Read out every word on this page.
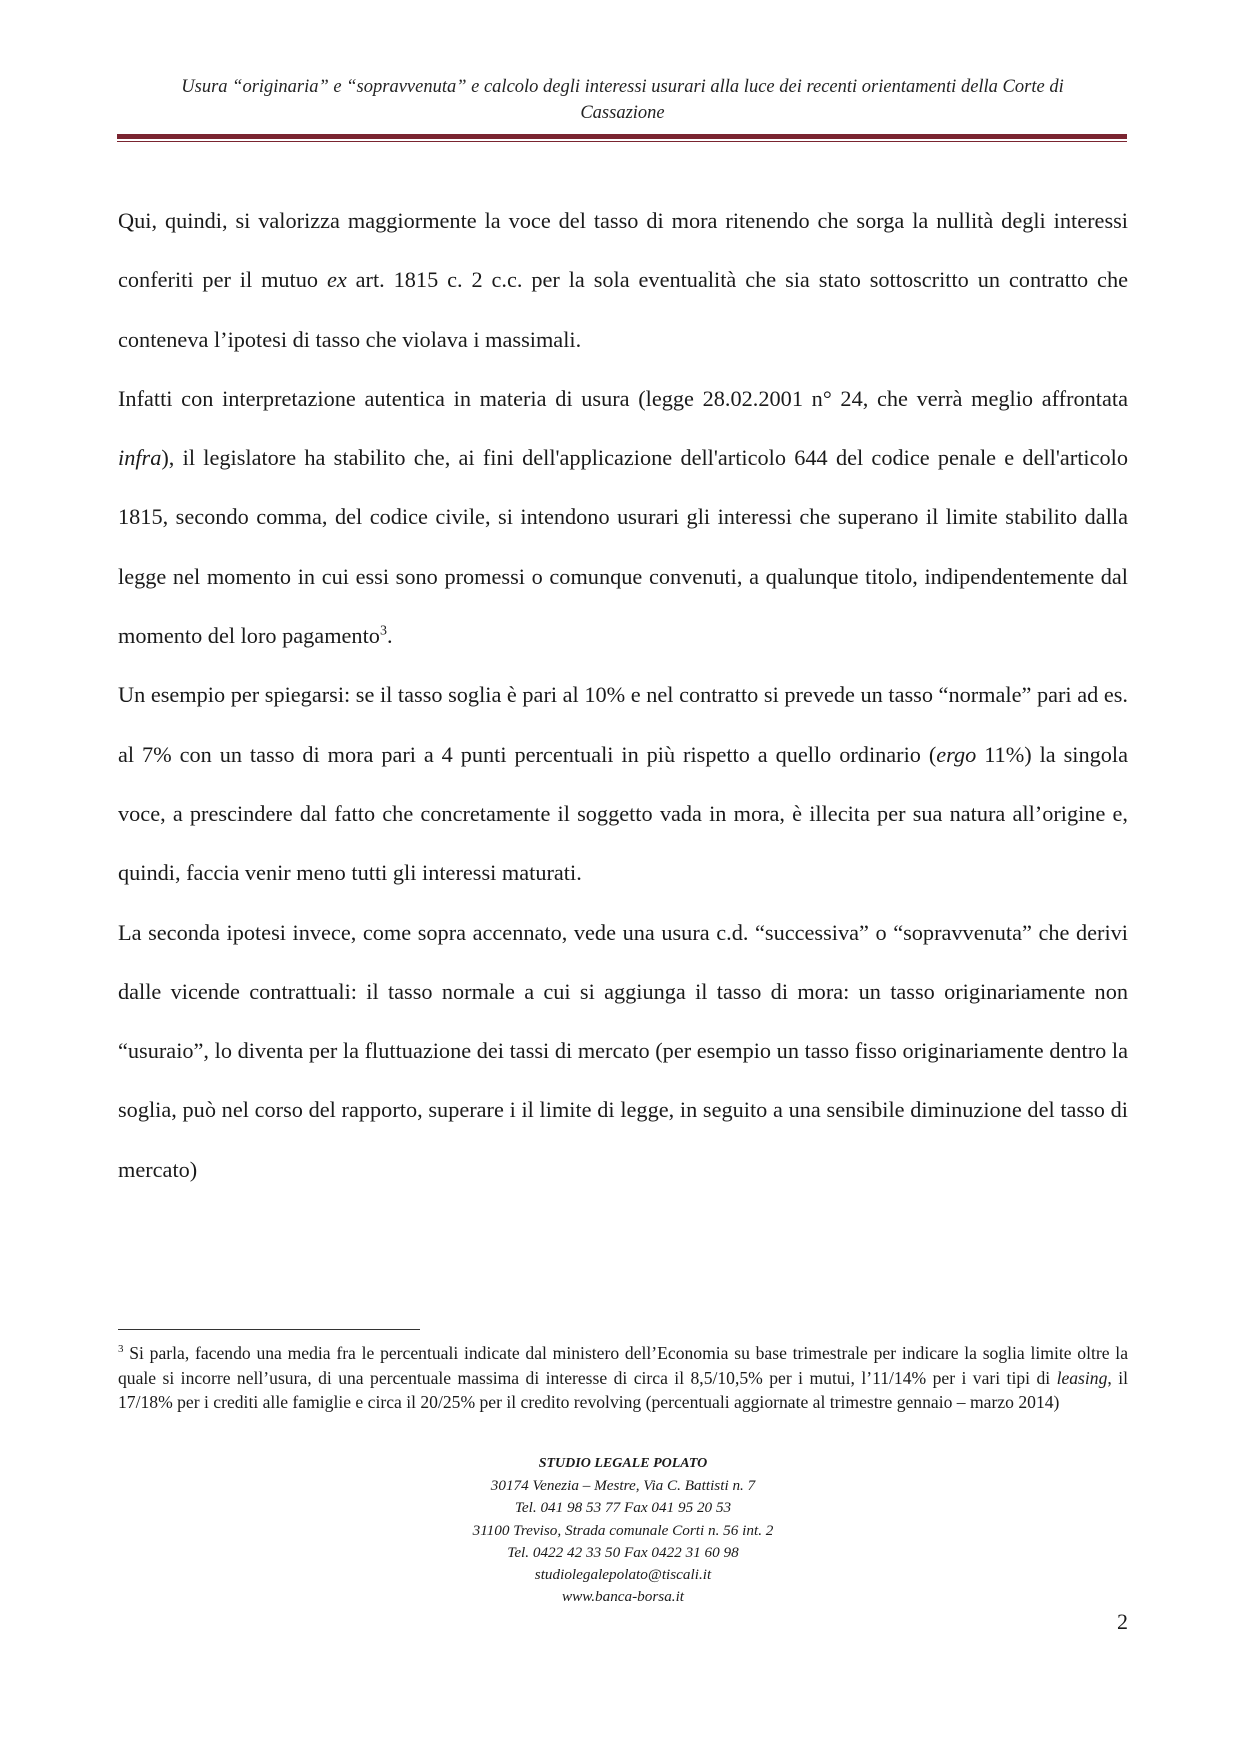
Usura “originaria” e “sopravvenuta” e calcolo degli interessi usurari alla luce dei recenti orientamenti della Corte di
Cassazione

Qui, quindi, si valorizza maggiormente la voce del tasso di mora ritenendo che sorga la nullità degli interessi conferiti per il mutuo ex art. 1815 c. 2 c.c. per la sola eventualità che sia stato sottoscritto un contratto che conteneva l’ipotesi di tasso che violava i massimali.

Infatti con interpretazione autentica in materia di usura (legge 28.02.2001 n° 24, che verrà meglio affrontata infra), il legislatore ha stabilito che, ai fini dell'applicazione dell'articolo 644 del codice penale e dell'articolo 1815, secondo comma, del codice civile, si intendono usurari gli interessi che superano il limite stabilito dalla legge nel momento in cui essi sono promessi o comunque convenuti, a qualunque titolo, indipendentemente dal momento del loro pagamento$^3$.

Un esempio per spiegarsi: se il tasso soglia è pari al 10% e nel contratto si prevede un tasso “normale” pari ad es. al 7% con un tasso di mora pari a 4 punti percentuali in più rispetto a quello ordinario (ergo 11%) la singola voce, a prescindere dal fatto che concretamente il soggetto vada in mora, è illecita per sua natura all’origine e, quindi, faccia venir meno tutti gli interessi maturati.

La seconda ipotesi invece, come sopra accennato, vede una usura c.d. “successiva” o “sopravvenuta” che derivi dalle vicende contrattuali: il tasso normale a cui si aggiunga il tasso di mora: un tasso originariamente non “usuraio”, lo diventa per la fluttuazione dei tassi di mercato (per esempio un tasso fisso originariamente dentro la soglia, può nel corso del rapporto, superare i il limite di legge, in seguito a una sensibile diminuzione del tasso di mercato)

$^3$ Si parla, facendo una media fra le percentuali indicate dal ministero dell’Economia su base trimestrale per indicare la soglia limite oltre la quale si incorre nell’usura, di una percentuale massima di interesse di circa il 8,5/10,5% per i mutui, l’11/14% per i vari tipi di leasing, il 17/18% per i crediti alle famiglie e circa il 20/25% per il credito revolving (percentuali aggiornate al trimestre gennaio – marzo 2014)
STUDIO LEGALE POLATO
30174 Venezia – Mestre, Via C. Battisti n. 7
Tel. 041 98 53 77 Fax 041 95 20 53
31100 Treviso, Strada comunale Corti n. 56 int. 2
Tel. 0422 42 33 50 Fax 0422 31 60 98
studiolegalepolato@tiscali.it
www.banca-borsa.it
2
